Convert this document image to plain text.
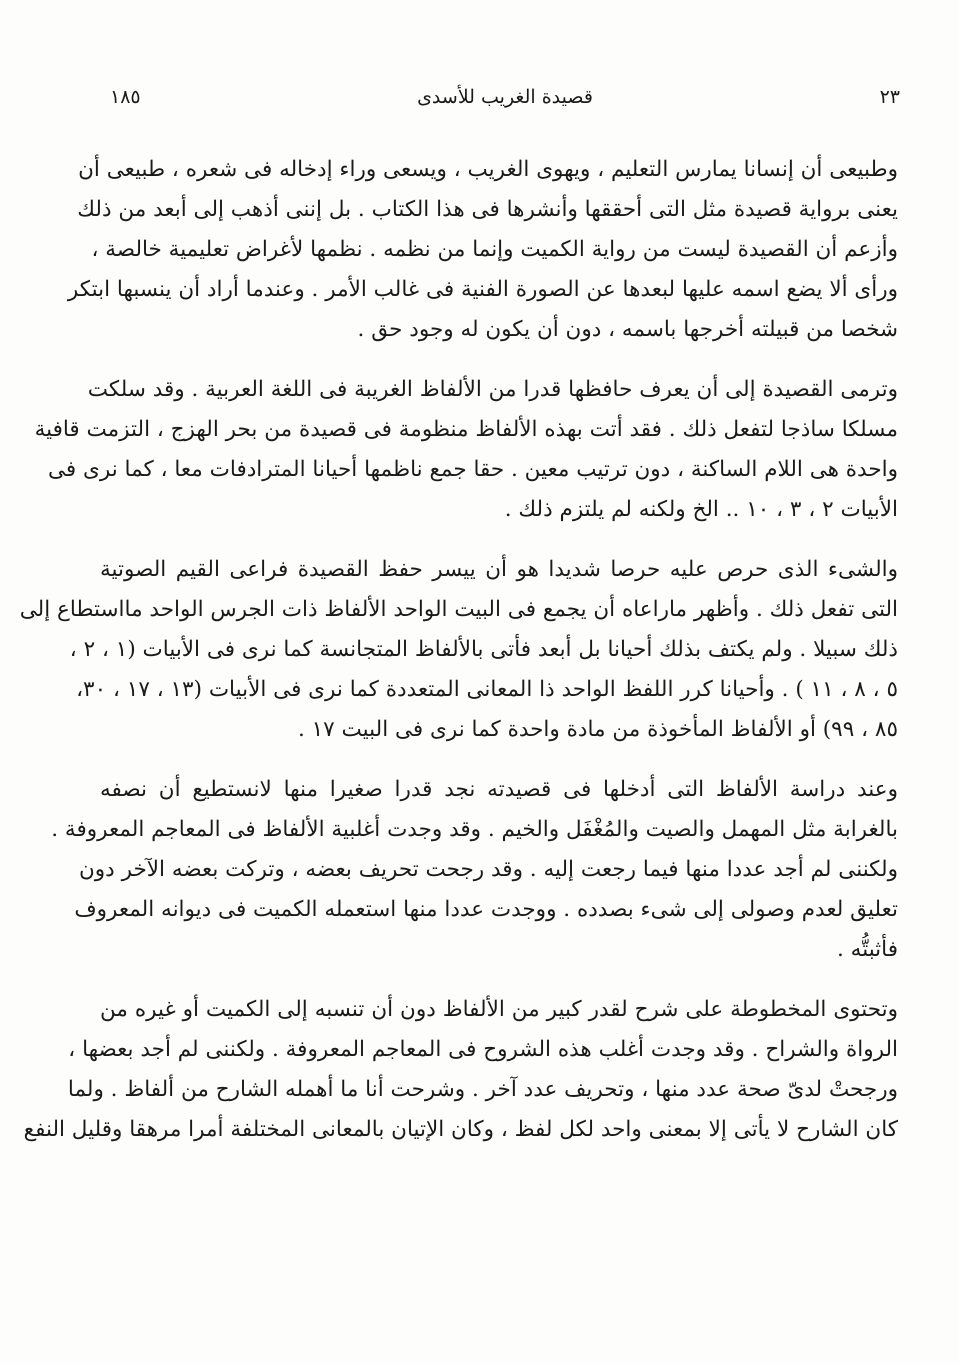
٢٣
قصيدة الغريب للأسدى
١٨٥
وطبيعى أن إنسانا يمارس التعليم ، ويهوى الغريب ، ويسعى وراء إدخاله فى شعره ، طبيعى أن
يعنى برواية قصيدة مثل التى أحققها وأنشرها فى هذا الكتاب . بل إننى أذهب إلى أبعد من ذلك
وأزعم أن القصيدة ليست من رواية الكميت وإنما من نظمه . نظمها لأغراض تعليمية خالصة ،
ورأى ألا يضع اسمه عليها لبعدها عن الصورة الفنية فى غالب الأمر . وعندما أراد أن ينسبها ابتكر
شخصا من قبيلته أخرجها باسمه ، دون أن يكون له وجود حق .
وترمى القصيدة إلى أن يعرف حافظها قدرا من الألفاظ الغريبة فى اللغة العربية . وقد سلكت
مسلكا ساذجا لتفعل ذلك . فقد أتت بهذه الألفاظ منظومة فى قصيدة من بحر الهزج ، التزمت قافية
واحدة هى اللام الساكنة ، دون ترتيب معين . حقا جمع ناظمها أحيانا المترادفات معا ، كما نرى فى
الأبيات ٢ ، ٣ ، ١٠ .. الخ ولكنه لم يلتزم ذلك .
والشىء الذى حرص عليه حرصا شديدا هو أن ييسر حفظ القصيدة فراعى القيم الصوتية
التى تفعل ذلك . وأظهر ماراعاه أن يجمع فى البيت الواحد الألفاظ ذات الجرس الواحد مااستطاع إلى
ذلك سبيلا . ولم يكتف بذلك أحيانا بل أبعد فأتى بالألفاظ المتجانسة كما نرى فى الأبيات (١ ، ٢ ،
٥ ، ٨ ، ١١ ) . وأحيانا كرر اللفظ الواحد ذا المعانى المتعددة كما نرى فى الأبيات (١٣ ، ١٧ ، ٣٠،
٨٥ ، ٩٩) أو الألفاظ المأخوذة من مادة واحدة كما نرى فى البيت ١٧ .
وعند دراسة الألفاظ التى أدخلها فى قصيدته نجد قدرا صغيرا منها لانستطيع أن نصفه
بالغرابة مثل المهمل والصيت والمُغْفَل والخيم . وقد وجدت أغلبية الألفاظ فى المعاجم المعروفة .
ولكننى لم أجد عددا منها فيما رجعت إليه . وقد رجحت تحريف بعضه ، وتركت بعضه الآخر دون
تعليق لعدم وصولى إلى شىء بصدده . ووجدت عددا منها استعمله الكميت فى ديوانه المعروف
فأثبتُّه .
وتحتوى المخطوطة على شرح لقدر كبير من الألفاظ دون أن تنسبه إلى الكميت أو غيره من
الرواة والشراح . وقد وجدت أغلب هذه الشروح فى المعاجم المعروفة . ولكننى لم أجد بعضها ،
ورجحتْ لدىّ صحة عدد منها ، وتحريف عدد آخر . وشرحت أنا ما أهمله الشارح من ألفاظ . ولما
كان الشارح لا يأتى إلا بمعنى واحد لكل لفظ ، وكان الإتيان بالمعانى المختلفة أمرا مرهقا وقليل النفع
